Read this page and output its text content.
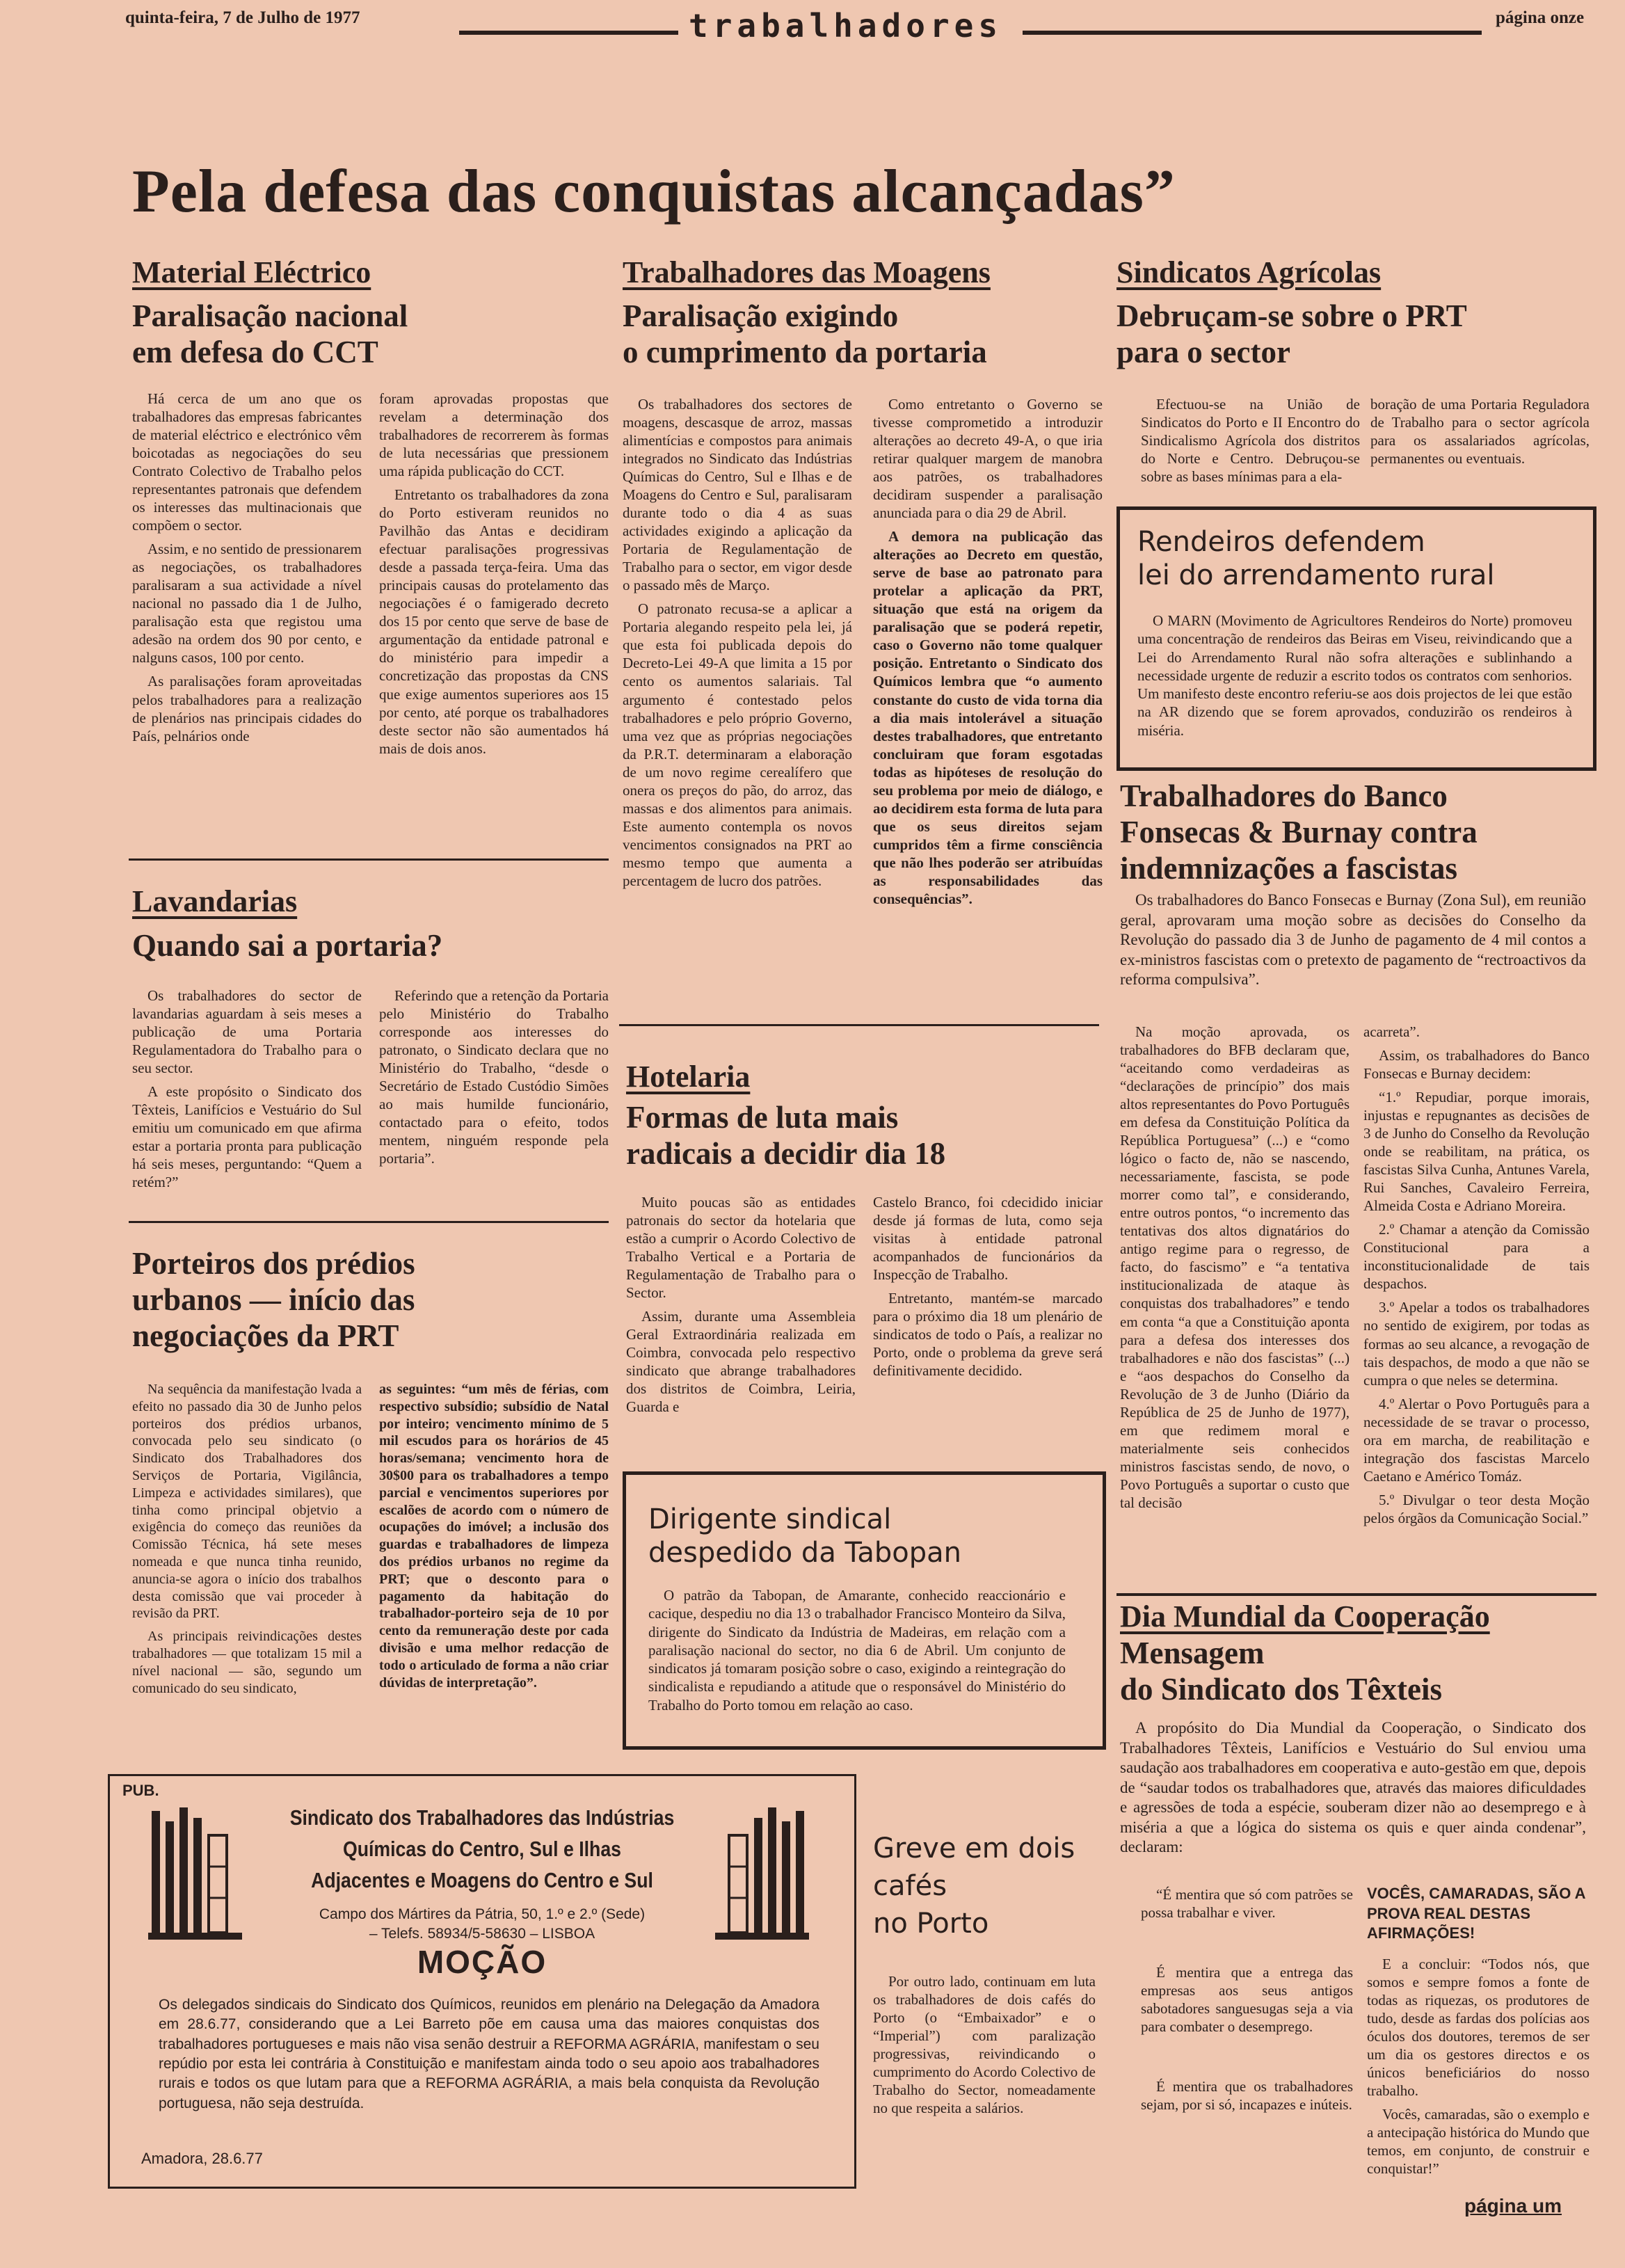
quinta-feira, 7 de Julho de 1977	trabalhadores	página onze
Pela defesa das conquistas alcançadas”
Material Eléctrico
Paralisação nacional
em defesa do CCT

Há cerca de um ano que os trabalhadores das empresas fabricantes de material eléctrico e electrónico vêm boicotadas as negociações do seu Contrato Colectivo de Trabalho pelos representantes patronais que defendem os interesses das multinacionais que compõem o sector.

Assim, e no sentido de pressionarem as negociações, os trabalhadores paralisaram a sua actividade a nível nacional no passado dia 1 de Julho, paralisação esta que registou uma adesão na ordem dos 90 por cento, e nalguns casos, 100 por cento.

As paralisações foram aproveitadas pelos trabalhadores para a realização de plenários nas principais cidades do País, pelnários onde

foram aprovadas propostas que revelam a determinação dos trabalhadores de recorrerem às formas de luta necessárias que pressionem uma rápida publicação do CCT.

Entretanto os trabalhadores da zona do Porto estiveram reunidos no Pavilhão das Antas e decidiram efectuar paralisações progressivas desde a passada terça-feira. Uma das principais causas do protelamento das negociações é o famigerado decreto dos 15 por cento que serve de base de argumentação da entidade patronal e do ministério para impedir a concretização das propostas da CNS que exige aumentos superiores aos 15 por cento, até porque os trabalhadores deste sector não são aumentados há mais de dois anos.

Lavandarias
Quando sai a portaria?

Os trabalhadores do sector de lavandarias aguardam à seis meses a publicação de uma Portaria Regulamentadora do Trabalho para o seu sector.

A este propósito o Sindicato dos Têxteis, Lanifícios e Vestuário do Sul emitiu um comunicado em que afirma estar a portaria pronta para publicação há seis meses, perguntando: “Quem a retém?”

Referindo que a retenção da Portaria pelo Ministério do Trabalho corresponde aos interesses do patronato, o Sindicato declara que no Ministério do Trabalho, “desde o Secretário de Estado Custódio Simões ao mais humilde funcionário, contactado para o efeito, todos mentem, ninguém responde pela portaria”.

Porteiros dos prédios
urbanos — início das
negociações da PRT

Na sequência da manifestação lvada a efeito no passado dia 30 de Junho pelos porteiros dos prédios urbanos, convocada pelo seu sindicato (o Sindicato dos Trabalhadores dos Serviços de Portaria, Vigilância, Limpeza e actividades similares), que tinha como principal objetvio a exigência do começo das reuniões da Comissão Técnica, há sete meses nomeada e que nunca tinha reunido, anuncia-se agora o início dos trabalhos desta comissão que vai proceder à revisão da PRT.

As principais reivindicações destes trabalhadores — que totalizam 15 mil a nível nacional — são, segundo um comunicado do seu sindicato,

as seguintes: “um mês de férias, com respectivo subsídio; subsídio de Natal por inteiro; vencimento mínimo de 5 mil escudos para os horários de 45 horas/semana; vencimento hora de 30$00 para os trabalhadores a tempo parcial e vencimentos superiores por escalões de acordo com o número de ocupações do imóvel; a inclusão dos guardas e trabalhadores de limpeza dos prédios urbanos no regime da PRT; que o desconto para o pagamento da habitação do trabalhador-porteiro seja de 10 por cento da remuneração deste por cada divisão e uma melhor redacção de todo o articulado de forma a não criar dúvidas de interpretação”.

Trabalhadores das Moagens
Paralisação exigindo
o cumprimento da portaria

Os trabalhadores dos sectores de moagens, descasque de arroz, massas alimentícias e compostos para animais integrados no Sindicato das Indústrias Químicas do Centro, Sul e Ilhas e de Moagens do Centro e Sul, paralisaram durante todo o dia 4 as suas actividades exigindo a aplicação da Portaria de Regulamentação de Trabalho para o sector, em vigor desde o passado mês de Março.

O patronato recusa-se a aplicar a Portaria alegando respeito pela lei, já que esta foi publicada depois do Decreto-Lei 49-A que limita a 15 por cento os aumentos salariais. Tal argumento é contestado pelos trabalhadores e pelo próprio Governo, uma vez que as próprias negociações da P.R.T. determinaram a elaboração de um novo regime cerealífero que onera os preços do pão, do arroz, das massas e dos alimentos para animais. Este aumento contempla os novos vencimentos consignados na PRT ao mesmo tempo que aumenta a percentagem de lucro dos patrões.

Como entretanto o Governo se tivesse comprometido a introduzir alterações ao decreto 49-A, o que iria retirar qualquer margem de manobra aos patrões, os trabalhadores decidiram suspender a paralisação anunciada para o dia 29 de Abril.

A demora na publicação das alterações ao Decreto em questão, serve de base ao patronato para protelar a aplicação da PRT, situação que está na origem da paralisação que se poderá repetir, caso o Governo não tome qualquer posição. Entretanto o Sindicato dos Químicos lembra que “o aumento constante do custo de vida torna dia a dia mais intolerável a situação destes trabalhadores, que entretanto concluiram que foram esgotadas todas as hipóteses de resolução do seu problema por meio de diálogo, e ao decidirem esta forma de luta para que os seus direitos sejam cumpridos têm a firme consciência que não lhes poderão ser atribuídas as responsabilidades das consequências”.

Hotelaria
Formas de luta mais
radicais a decidir dia 18

Muito poucas são as entidades patronais do sector da hotelaria que estão a cumprir o Acordo Colectivo de Trabalho Vertical e a Portaria de Regulamentação de Trabalho para o Sector.

Assim, durante uma Assembleia Geral Extraordinária realizada em Coimbra, convocada pelo respectivo sindicato que abrange trabalhadores dos distritos de Coimbra, Leiria, Guarda e

Castelo Branco, foi cdecidido iniciar desde já formas de luta, como seja visitas à entidade patronal acompanhados de funcionários da Inspecção de Trabalho.

Entretanto, mantém-se marcado para o próximo dia 18 um plenário de sindicatos de todo o País, a realizar no Porto, onde o problema da greve será definitivamente decidido.

Dirigente sindical
despedido da Tabopan

O patrão da Tabopan, de Amarante, conhecido reaccionário e cacique, despediu no dia 13 o trabalhador Francisco Monteiro da Silva, dirigente do Sindicato da Indústria de Madeiras, em relação com a paralisação nacional do sector, no dia 6 de Abril. Um conjunto de sindicatos já tomaram posição sobre o caso, exigindo a reintegração do sindicalista e repudiando a atitude que o responsável do Ministério do Trabalho do Porto tomou em relação ao caso.

Sindicatos Agrícolas
Debruçam-se sobre o PRT
para o sector

Efectuou-se na União de Sindicatos do Porto e II Encontro do Sindicalismo Agrícola dos distritos do Norte e Centro. Debruçou-se sobre as bases mínimas para a ela-

boração de uma Portaria Reguladora de Trabalho para o sector agrícola para os assalariados agrícolas, permanentes ou eventuais.

Rendeiros defendem
lei do arrendamento rural

O MARN (Movimento de Agricultores Rendeiros do Norte) promoveu uma concentração de rendeiros das Beiras em Viseu, reivindicando que a Lei do Arrendamento Rural não sofra alterações e sublinhando a necessidade urgente de reduzir a escrito todos os contratos com senhorios. Um manifesto deste encontro referiu-se aos dois projectos de lei que estão na AR dizendo que se forem aprovados, conduzirão os rendeiros à miséria.

Trabalhadores do Banco
Fonsecas & Burnay contra
indemnizações a fascistas

Os trabalhadores do Banco Fonsecas e Burnay (Zona Sul), em reunião geral, aprovaram uma moção sobre as decisões do Conselho da Revolução do passado dia 3 de Junho de pagamento de 4 mil contos a ex-ministros fascistas com o pretexto de pagamento de “rectroactivos da reforma compulsiva”.

Na moção aprovada, os trabalhadores do BFB declaram que, “aceitando como verdadeiras as “declarações de princípio” dos mais altos representantes do Povo Português em defesa da Constituição Política da República Portuguesa” (...) e “como lógico o facto de, não se nascendo, necessariamente, fascista, se pode morrer como tal”, e considerando, entre outros pontos, “o incremento das tentativas dos altos dignatários do antigo regime para o regresso, de facto, do fascismo” e “a tentativa institucionalizada de ataque às conquistas dos trabalhadores” e tendo em conta “a que a Constituição aponta para a defesa dos interesses dos trabalhadores e não dos fascistas” (...) e “aos despachos do Conselho da Revolução de 3 de Junho (Diário da República de 25 de Junho de 1977), em que redimem moral e materialmente seis conhecidos ministros fascistas sendo, de novo, o Povo Português a suportar o custo que tal decisão

acarreta”.

Assim, os trabalhadores do Banco Fonsecas e Burnay decidem:

“1.º Repudiar, porque imorais, injustas e repugnantes as decisões de 3 de Junho do Conselho da Revolução onde se reabilitam, na prática, os fascistas Silva Cunha, Antunes Varela, Rui Sanches, Cavaleiro Ferreira, Almeida Costa e Adriano Moreira.

2.º Chamar a atenção da Comissão Constitucional para a inconstitucionalidade de tais despachos.

3.º Apelar a todos os trabalhadores no sentido de exigirem, por todas as formas ao seu alcance, a revogação de tais despachos, de modo a que não se cumpra o que neles se determina.

4.º Alertar o Povo Português para a necessidade de se travar o processo, ora em marcha, de reabilitação e integração dos fascistas Marcelo Caetano e Américo Tomáz.

5.º Divulgar o teor desta Moção pelos órgãos da Comunicação Social.”

Dia Mundial da Cooperação
Mensagem
do Sindicato dos Têxteis

A propósito do Dia Mundial da Cooperação, o Sindicato dos Trabalhadores Têxteis, Lanifícios e Vestuário do Sul enviou uma saudação aos trabalhadores em cooperativa e auto-gestão em que, depois de “saudar todos os trabalhadores que, através das maiores dificuldades e agressões de toda a espécie, souberam dizer não ao desemprego e à miséria a que a lógica do sistema os quis e quer ainda condenar”, declaram:

“É mentira que só com patrões se possa trabalhar e viver.

É mentira que a entrega das empresas aos seus antigos sabotadores sanguesugas seja a via para combater o desemprego.

É mentira que os trabalhadores sejam, por si só, incapazes e inúteis.

VOCÊS, CAMARADAS, SÃO A PROVA REAL DESTAS AFIRMAÇÕES!

E a concluir: “Todos nós, que somos e sempre fomos a fonte de todas as riquezas, os produtores de tudo, desde as fardas dos polícias aos óculos dos doutores, teremos de ser um dia os gestores directos e os únicos beneficiários do nosso trabalho.

Vocês, camaradas, são o exemplo e a antecipação histórica do Mundo que temos, em conjunto, de construir e conquistar!”

Greve em dois
cafés
no Porto

Por outro lado, continuam em luta os trabalhadores de dois cafés do Porto (o “Embaixador” e o “Imperial”) com paralização progressivas, reivindicando o cumprimento do Acordo Colectivo de Trabalho do Sector, nomeadamente no que respeita a salários.

PUB.
Sindicato dos Trabalhadores das Indústrias
Químicas do Centro, Sul e Ilhas
Adjacentes e Moagens do Centro e Sul
Campo dos Mártires da Pátria, 50, 1.º e 2.º (Sede)
– Telefs. 58934/5-58630 – LISBOA
MOÇÃO
Os delegados sindicais do Sindicato dos Químicos, reunidos em plenário na Delegação da Amadora em 28.6.77, considerando que a Lei Barreto põe em causa uma das maiores conquistas dos trabalhadores portugueses e mais não visa senão destruir a REFORMA AGRÁRIA, manifestam o seu repúdio por esta lei contrária à Constituição e manifestam ainda todo o seu apoio aos trabalhadores rurais e todos os que lutam para que a REFORMA AGRÁRIA, a mais bela conquista da Revolução portuguesa, não seja destruída.
Amadora, 28.6.77
página um
